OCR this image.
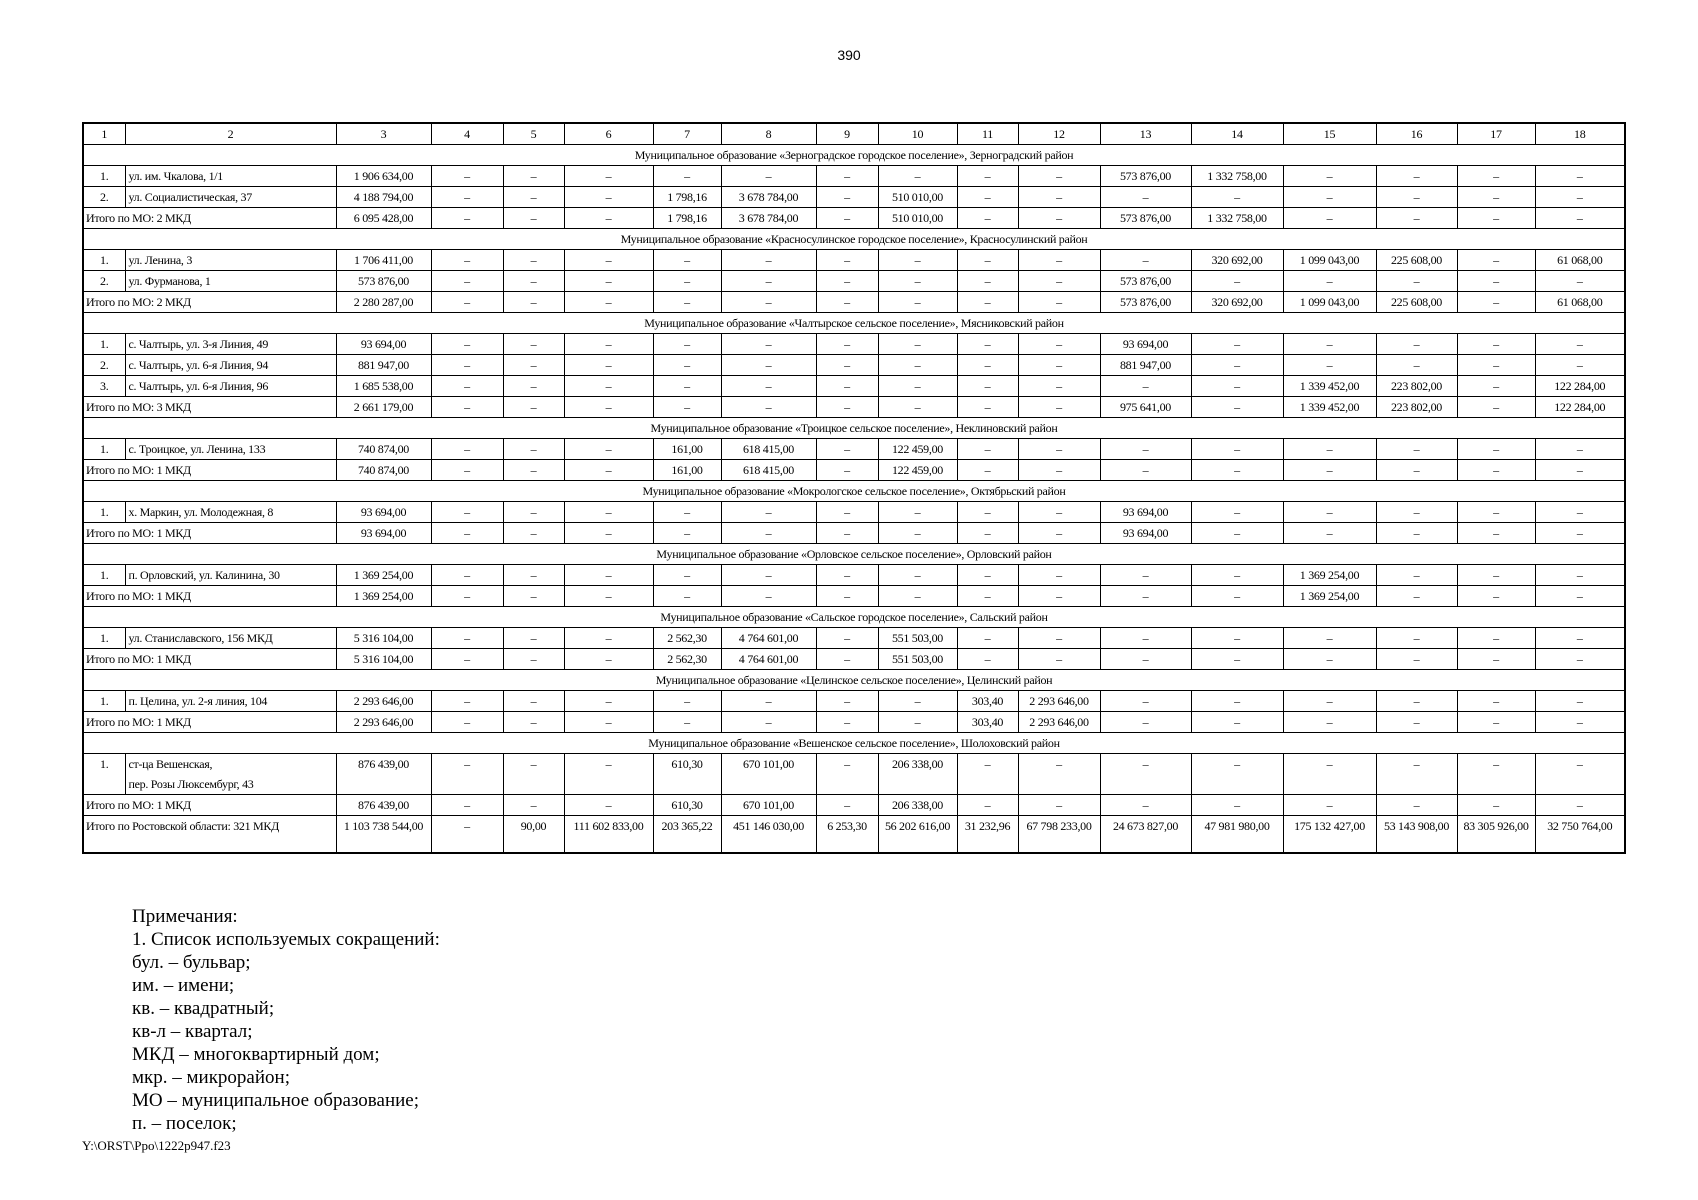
390
1	2	3	4	5	6	7	8	9	10	11	12	13	14	15	16	17	18
Муниципальное образование «Зерноградское городское поселение», Зерноградский район																	
1.	ул. им. Чкалова, 1/1	1 906 634,00	–	–	–	–	–	–	–	–	–	573 876,00	1 332 758,00	–	–	–	–
2.	ул. Социалистическая, 37	4 188 794,00	–	–	–	1 798,16	3 678 784,00	–	510 010,00	–	–	–	–	–	–	–	–
Итого по МО: 2 МКД		6 095 428,00	–	–	–	1 798,16	3 678 784,00	–	510 010,00	–	–	573 876,00	1 332 758,00	–	–	–	–
Муниципальное образование «Красносулинское городское поселение», Красносулинский район																	
1.	ул. Ленина, 3	1 706 411,00	–	–	–	–	–	–	–	–	–	–	320 692,00	1 099 043,00	225 608,00	–	61 068,00
2.	ул. Фурманова, 1	573 876,00	–	–	–	–	–	–	–	–	–	573 876,00	–	–	–	–	–
Итого по МО: 2 МКД		2 280 287,00	–	–	–	–	–	–	–	–	–	573 876,00	320 692,00	1 099 043,00	225 608,00	–	61 068,00
Муниципальное образование «Чалтырское сельское поселение», Мясниковский район																	
1.	с. Чалтырь, ул. 3-я Линия, 49	93 694,00	–	–	–	–	–	–	–	–	–	93 694,00	–	–	–	–	–
2.	с. Чалтырь, ул. 6-я Линия, 94	881 947,00	–	–	–	–	–	–	–	–	–	881 947,00	–	–	–	–	–
3.	с. Чалтырь, ул. 6-я Линия, 96	1 685 538,00	–	–	–	–	–	–	–	–	–	–	–	1 339 452,00	223 802,00	–	122 284,00
Итого по МО: 3 МКД		2 661 179,00	–	–	–	–	–	–	–	–	–	975 641,00	–	1 339 452,00	223 802,00	–	122 284,00
Муниципальное образование «Троицкое сельское поселение», Неклиновский район																	
1.	с. Троицкое, ул. Ленина, 133	740 874,00	–	–	–	161,00	618 415,00	–	122 459,00	–	–	–	–	–	–	–	–
Итого по МО: 1 МКД		740 874,00	–	–	–	161,00	618 415,00	–	122 459,00	–	–	–	–	–	–	–	–
Муниципальное образование «Мокрологское сельское поселение», Октябрьский район																	
1.	х. Маркин, ул. Молодежная, 8	93 694,00	–	–	–	–	–	–	–	–	–	93 694,00	–	–	–	–	–
Итого по МО: 1 МКД		93 694,00	–	–	–	–	–	–	–	–	–	93 694,00	–	–	–	–	–
Муниципальное образование «Орловское сельское поселение», Орловский район																	
1.	п. Орловский, ул. Калинина, 30	1 369 254,00	–	–	–	–	–	–	–	–	–	–	–	1 369 254,00	–	–	–
Итого по МО: 1 МКД		1 369 254,00	–	–	–	–	–	–	–	–	–	–	–	1 369 254,00	–	–	–
Муниципальное образование «Сальское городское поселение», Сальский район																	
1.	ул. Станиславского, 156 МКД	5 316 104,00	–	–	–	2 562,30	4 764 601,00	–	551 503,00	–	–	–	–	–	–	–	–
Итого по МО: 1 МКД		5 316 104,00	–	–	–	2 562,30	4 764 601,00	–	551 503,00	–	–	–	–	–	–	–	–
Муниципальное образование «Целинское сельское поселение», Целинский район																	
1.	п. Целина, ул. 2-я линия, 104	2 293 646,00	–	–	–	–	–	–	–	303,40	2 293 646,00	–	–	–	–	–	–
Итого по МО: 1 МКД		2 293 646,00	–	–	–	–	–	–	–	303,40	2 293 646,00	–	–	–	–	–	–
Муниципальное образование «Вешенское сельское поселение», Шолоховский район																	
1.	ст-ца Вешенская,
пер. Розы Люксембург, 43	876 439,00	–	–	–	610,30	670 101,00	–	206 338,00	–	–	–	–	–	–	–	–
Итого по МО: 1 МКД		876 439,00	–	–	–	610,30	670 101,00	–	206 338,00	–	–	–	–	–	–	–	–
Итого по Ростовской области: 321 МКД		1 103 738 544,00	–	90,00	111 602 833,00	203 365,22	451 146 030,00	6 253,30	56 202 616,00	31 232,96	67 798 233,00	24 673 827,00	47 981 980,00	175 132 427,00	53 143 908,00	83 305 926,00	32 750 764,00
Примечания:
1. Список используемых сокращений:
бул. – бульвар;
им. – имени;
кв. – квадратный;
кв-л – квартал;
МКД – многоквартирный дом;
мкр. – микрорайон;
МО – муниципальное образование;
п. – поселок;
Y:\ORST\Ppo\1222p947.f23
